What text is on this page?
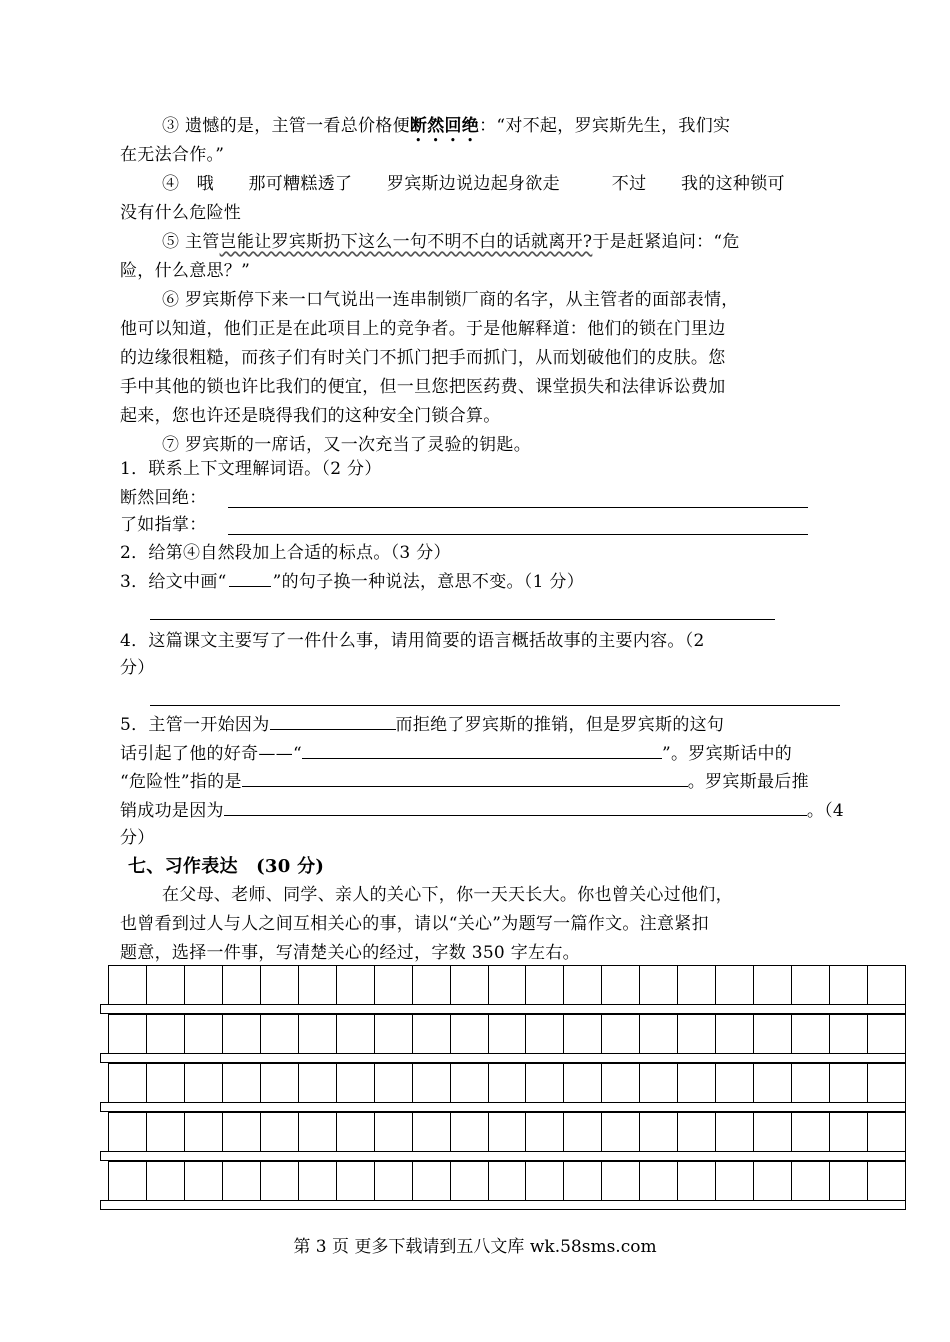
③ 遗憾的是，主管一看总价格便断然回绝：“对不起，罗宾斯先生，我们实
在无法合作。”
④　哦　　那可糟糕透了　　罗宾斯边说边起身欲走　　　不过　　我的这种锁可
没有什么危险性
⑤ 主管岂能让罗宾斯扔下这么一句不明不白的话就离开?于是赶紧追问：“危
险，什么意思？”
⑥ 罗宾斯停下来一口气说出一连串制锁厂商的名字，从主管者的面部表情，
他可以知道，他们正是在此项目上的竞争者。于是他解释道：他们的锁在门里边
的边缘很粗糙，而孩子们有时关门不抓门把手而抓门，从而划破他们的皮肤。您
手中其他的锁也许比我们的便宜，但一旦您把医药费、课堂损失和法律诉讼费加
起来，您也许还是晓得我们的这种安全门锁合算。
⑦ 罗宾斯的一席话，又一次充当了灵验的钥匙。
1．联系上下文理解词语。（2 分）
断然回绝：
了如指掌：
2．给第④自然段加上合适的标点。（3 分）
3．给文中画“	”的句子换一种说法，意思不变。（1 分）
4．这篇课文主要写了一件什么事，请用简要的语言概括故事的主要内容。（2
分）
5．主管一开始因为	而拒绝了罗宾斯的推销，但是罗宾斯的这句
话引起了他的好奇——“	”。罗宾斯话中的
“危险性”指的是	。罗宾斯最后推
销成功是因为	。（4
分）
七、习作表达　(30 分)
在父母、老师、同学、亲人的关心下，你一天天长大。你也曾关心过他们，
也曾看到过人与人之间互相关心的事，请以“关心”为题写一篇作文。注意紧扣
题意，选择一件事，写清楚关心的经过，字数 350 字左右。
第 3 页 更多下载请到五八文库 wk.58sms.com
